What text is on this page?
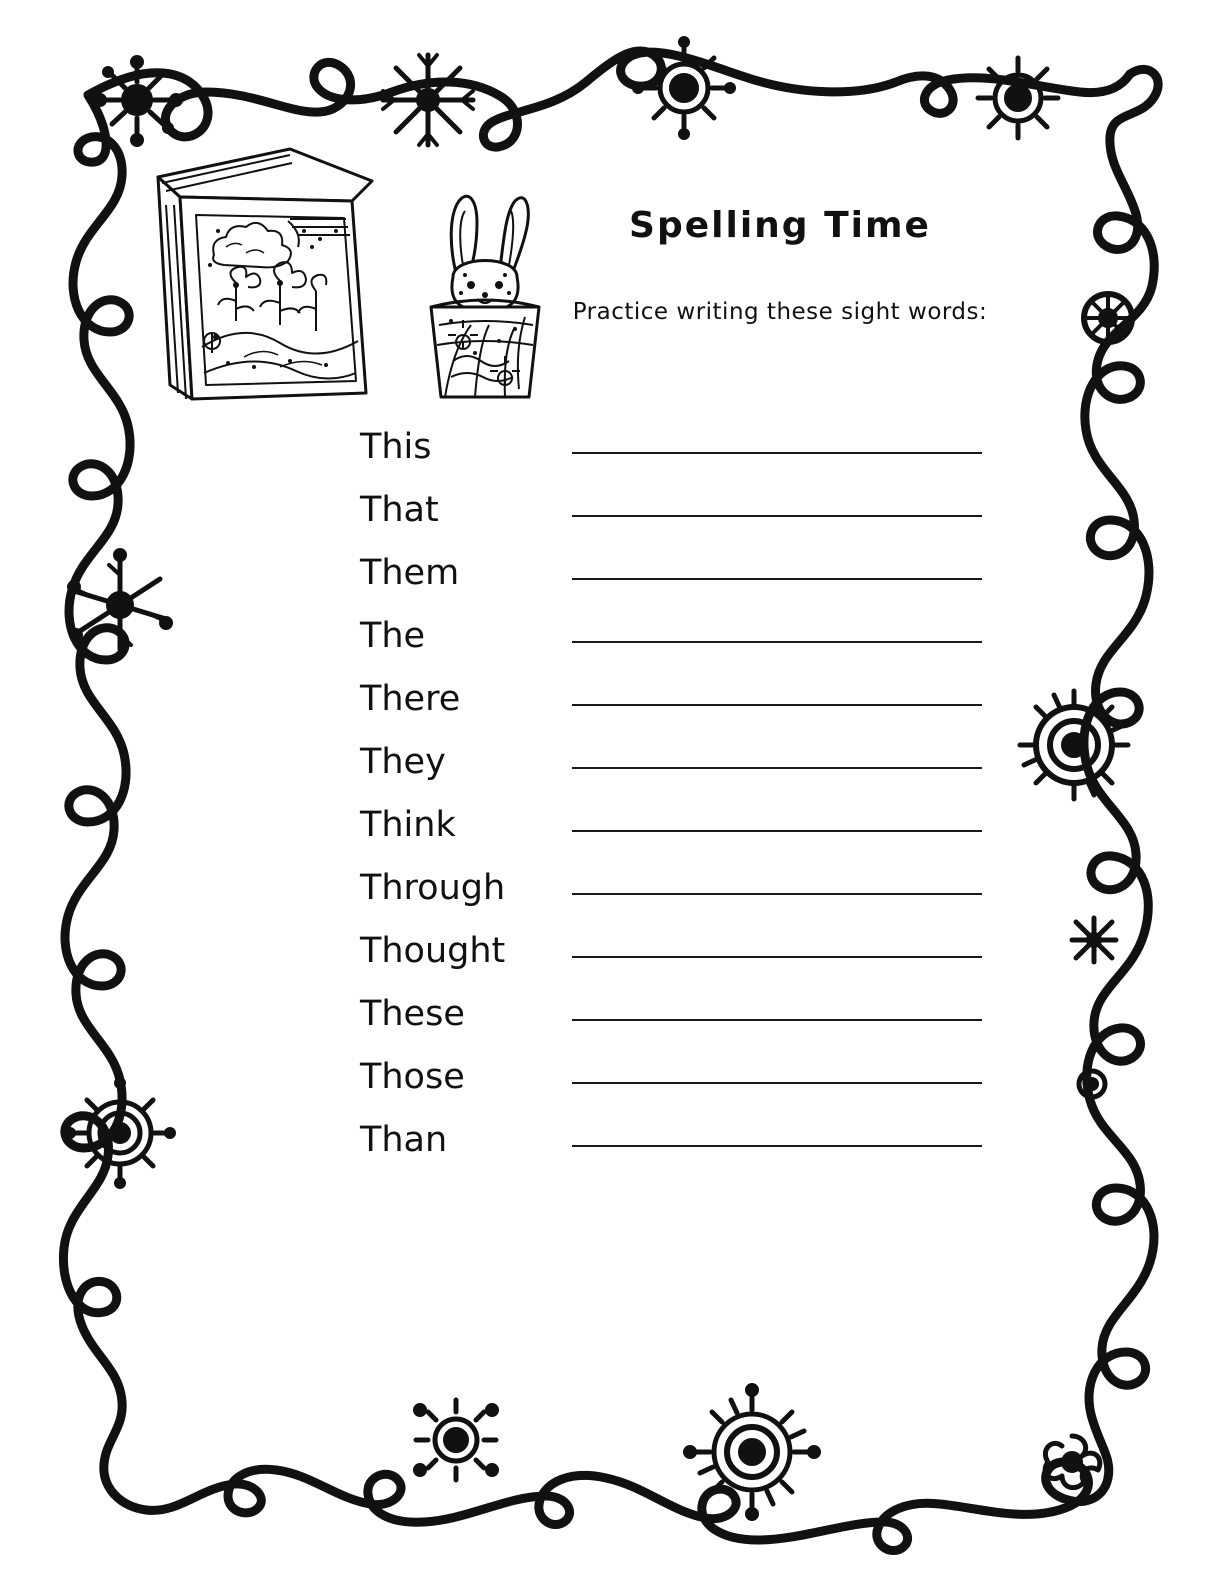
Spelling Time
Practice writing these sight words:
This
That
Them
The
There
They
Think
Through
Thought
These
Those
Than
